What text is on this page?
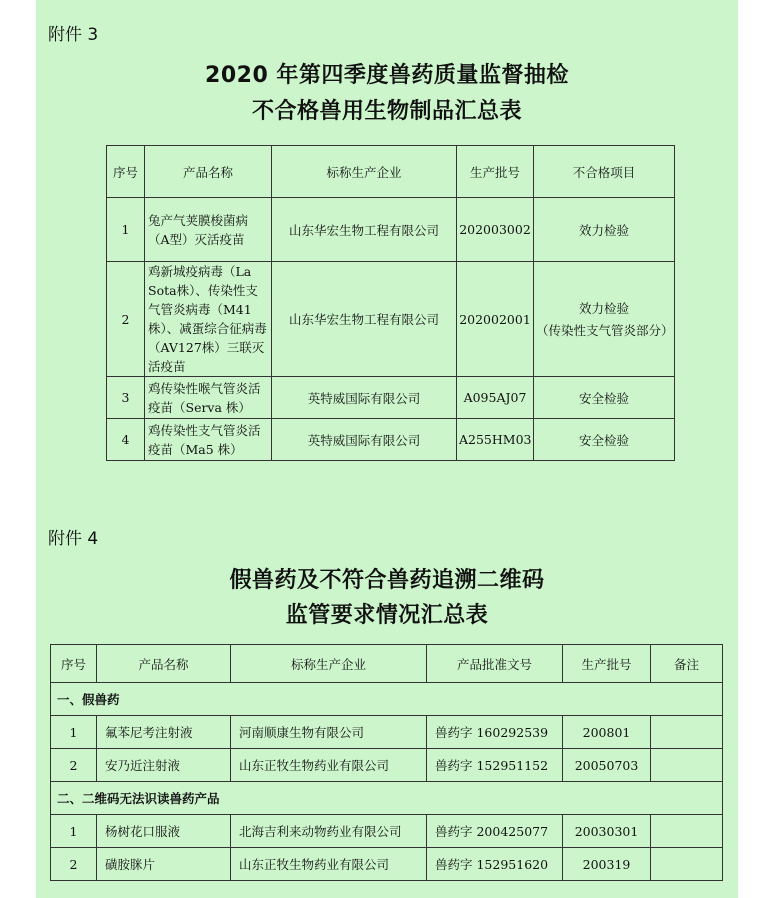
附件 3
2020 年第四季度兽药质量监督抽检
不合格兽用生物制品汇总表
序号	产品名称	标称生产企业	生产批号	不合格项目
1	兔产气荚膜梭菌病（A型）灭活疫苗	山东华宏生物工程有限公司	202003002	效力检验
2	鸡新城疫病毒（La Sota株）、传染性支气管炎病毒（M41 株）、减蛋综合征病毒（AV127株）三联灭活疫苗	山东华宏生物工程有限公司	202002001	效力检验
（传染性支气管炎部分）

3	鸡传染性喉气管炎活疫苗（Serva 株）	英特威国际有限公司	A095AJ07	安全检验
4	鸡传染性支气管炎活疫苗（Ma5 株）	英特威国际有限公司	A255HM03	安全检验
附件 4
假兽药及不符合兽药追溯二维码
监管要求情况汇总表
序号	产品名称	标称生产企业	产品批准文号	生产批号	备注
一、假兽药					
1	氟苯尼考注射液	河南顺康生物有限公司	兽药字 160292539	200801	
2	安乃近注射液	山东正牧生物药业有限公司	兽药字 152951152	20050703	
二、二维码无法识读兽药产品					
1	杨树花口服液	北海吉利来动物药业有限公司	兽药字 200425077	20030301	
2	磺胺脒片	山东正牧生物药业有限公司	兽药字 152951620	200319	
